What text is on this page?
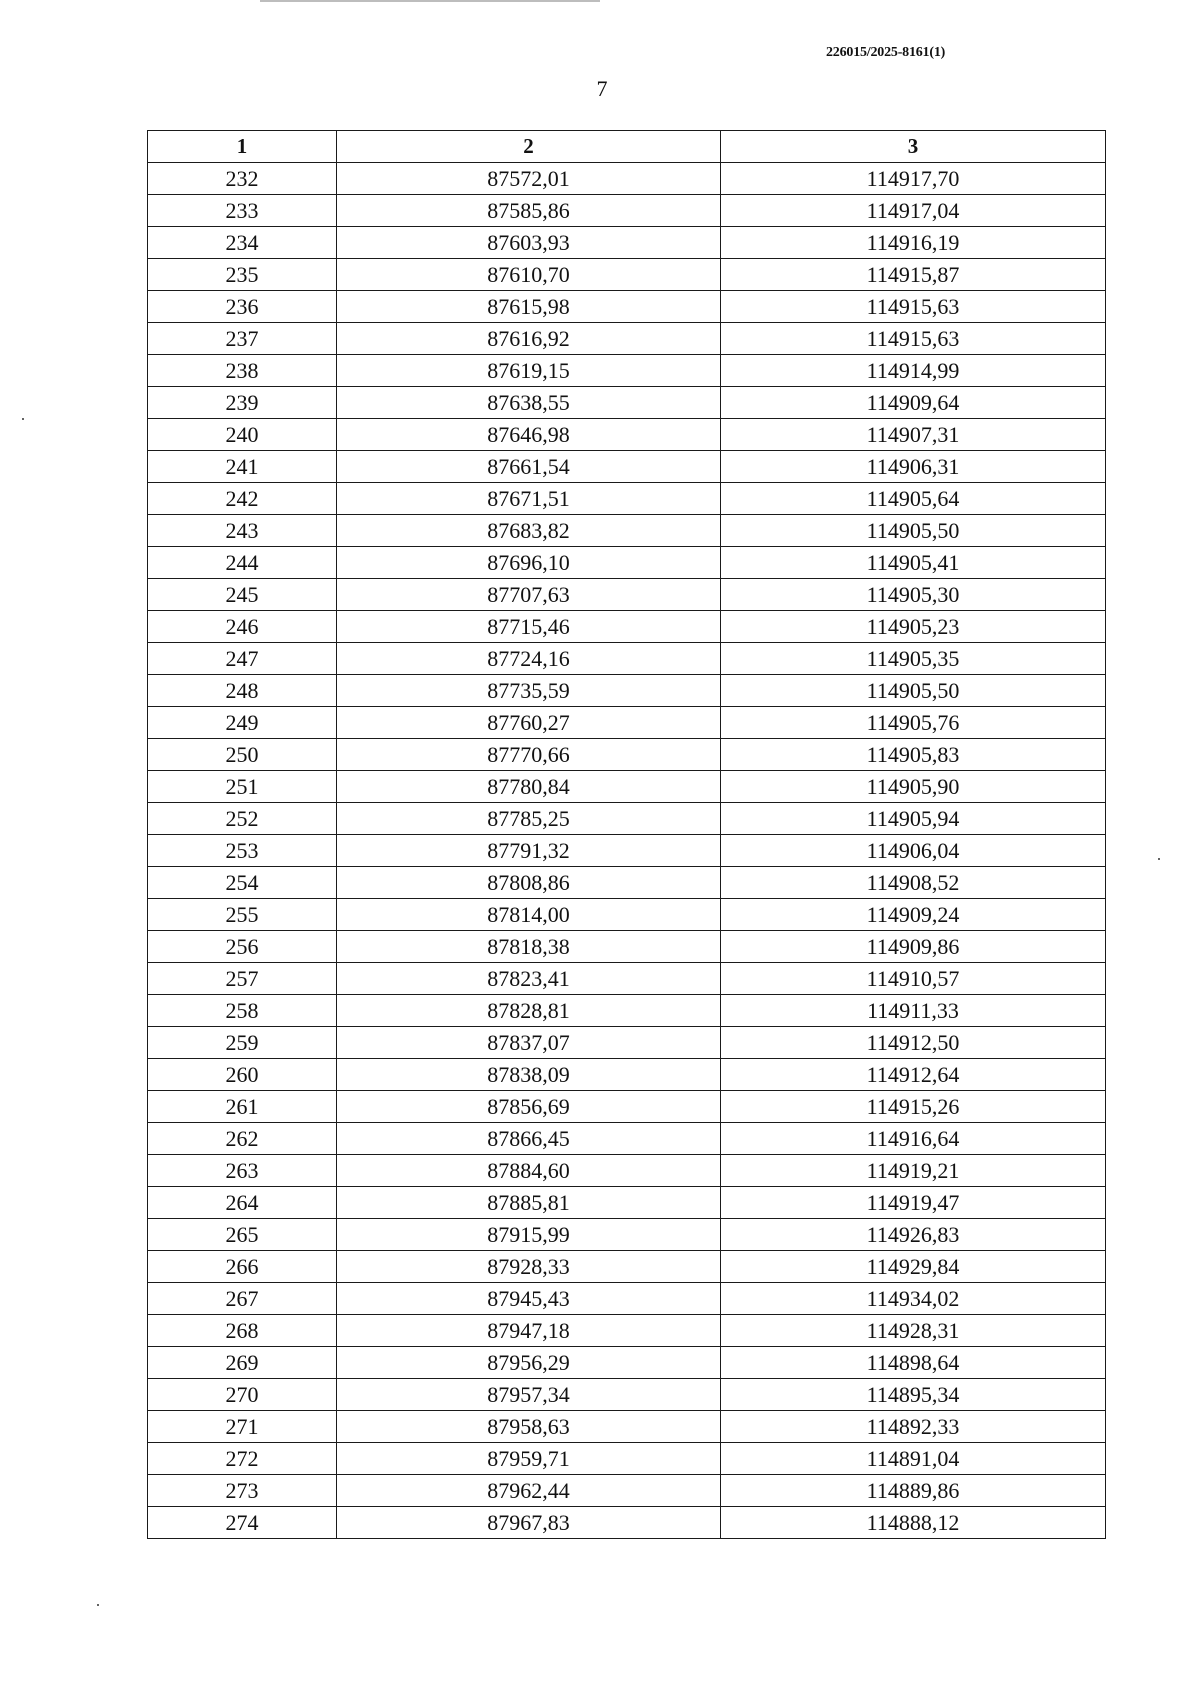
226015/2025-8161(1)
7
1	2	3
232	87572,01	114917,70
233	87585,86	114917,04
234	87603,93	114916,19
235	87610,70	114915,87
236	87615,98	114915,63
237	87616,92	114915,63
238	87619,15	114914,99
239	87638,55	114909,64
240	87646,98	114907,31
241	87661,54	114906,31
242	87671,51	114905,64
243	87683,82	114905,50
244	87696,10	114905,41
245	87707,63	114905,30
246	87715,46	114905,23
247	87724,16	114905,35
248	87735,59	114905,50
249	87760,27	114905,76
250	87770,66	114905,83
251	87780,84	114905,90
252	87785,25	114905,94
253	87791,32	114906,04
254	87808,86	114908,52
255	87814,00	114909,24
256	87818,38	114909,86
257	87823,41	114910,57
258	87828,81	114911,33
259	87837,07	114912,50
260	87838,09	114912,64
261	87856,69	114915,26
262	87866,45	114916,64
263	87884,60	114919,21
264	87885,81	114919,47
265	87915,99	114926,83
266	87928,33	114929,84
267	87945,43	114934,02
268	87947,18	114928,31
269	87956,29	114898,64
270	87957,34	114895,34
271	87958,63	114892,33
272	87959,71	114891,04
273	87962,44	114889,86
274	87967,83	114888,12
